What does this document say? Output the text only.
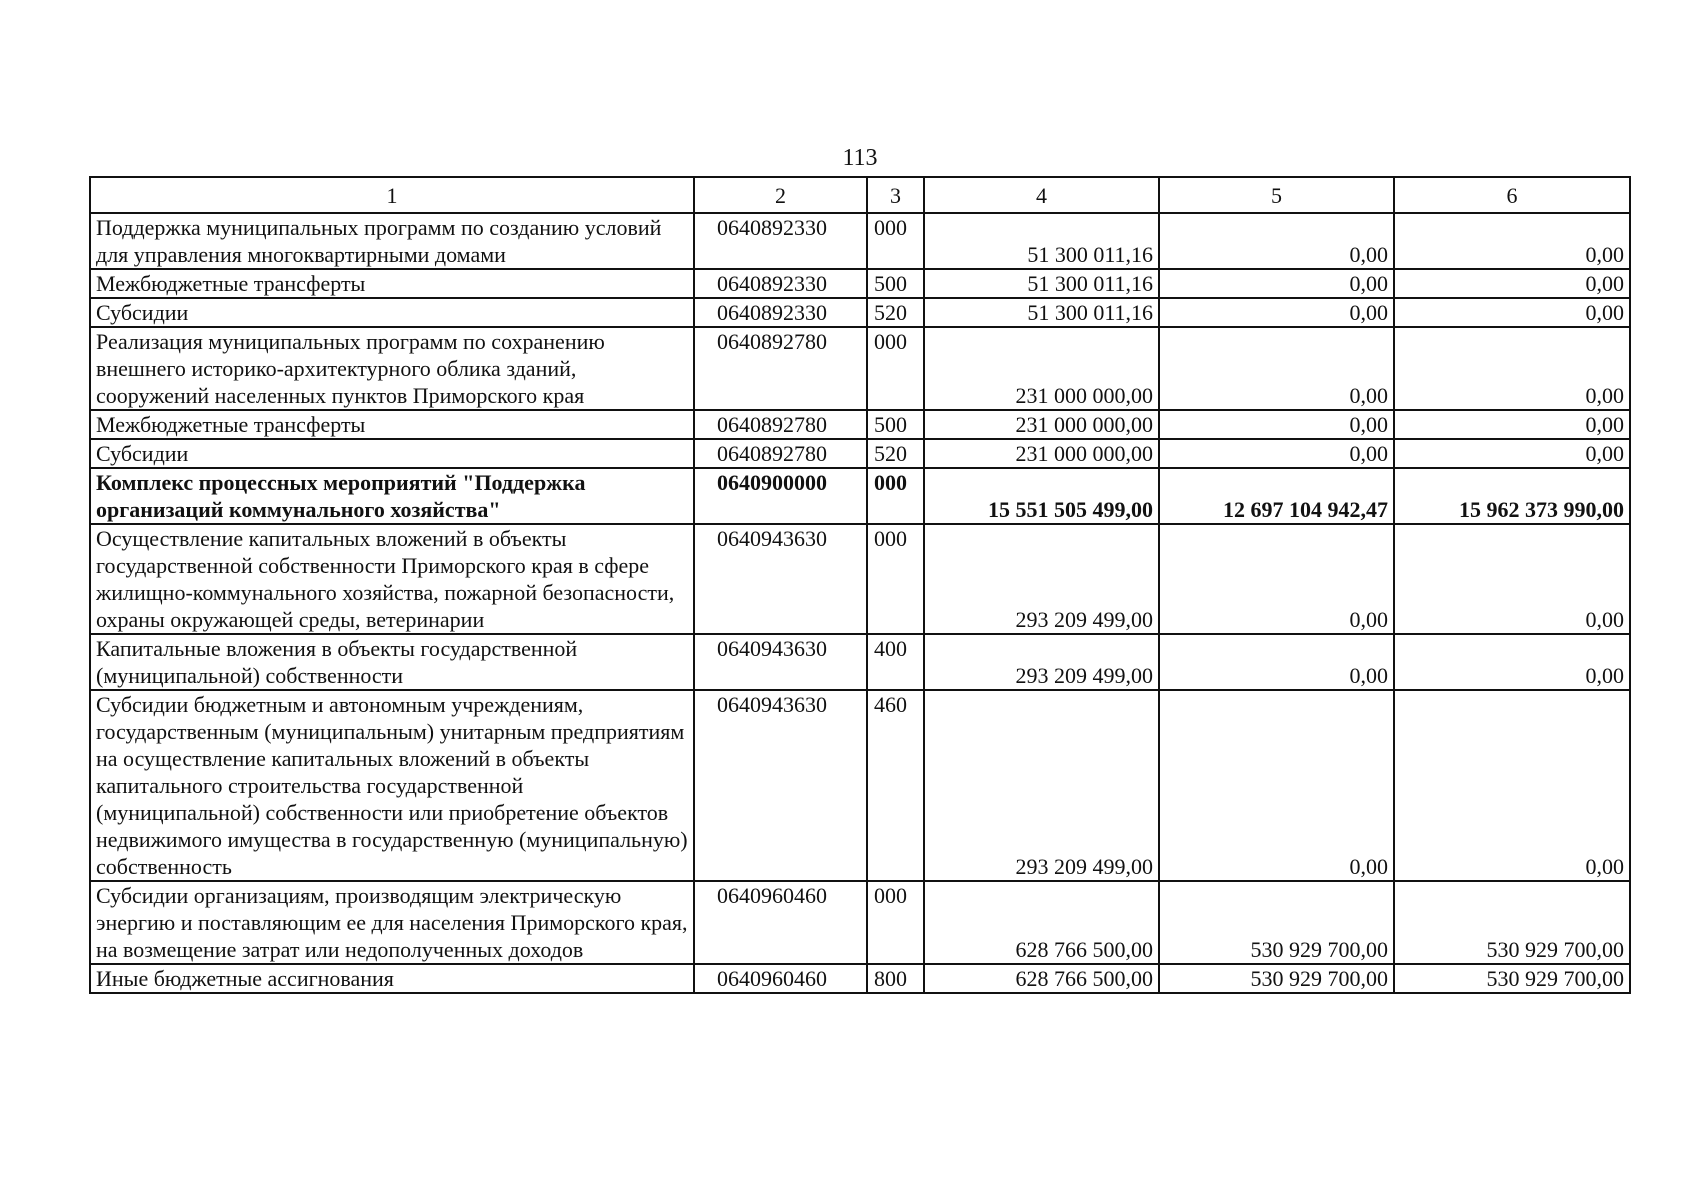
113
1	2	3	4	5	6
Поддержка муниципальных программ по созданию условий для управления многоквартирными домами	0640892330	000	51 300 011,16	0,00	0,00
Межбюджетные трансферты	0640892330	500	51 300 011,16	0,00	0,00
Субсидии	0640892330	520	51 300 011,16	0,00	0,00
Реализация муниципальных программ по сохранению внешнего историко-архитектурного облика зданий, сооружений населенных пунктов Приморского края	0640892780	000	231 000 000,00	0,00	0,00
Межбюджетные трансферты	0640892780	500	231 000 000,00	0,00	0,00
Субсидии	0640892780	520	231 000 000,00	0,00	0,00
Комплекс процессных мероприятий "Поддержка организаций коммунального хозяйства"	0640900000	000	15 551 505 499,00	12 697 104 942,47	15 962 373 990,00
Осуществление капитальных вложений в объекты государственной собственности Приморского края в сфере жилищно-коммунального хозяйства, пожарной безопасности, охраны окружающей среды, ветеринарии	0640943630	000	293 209 499,00	0,00	0,00
Капитальные вложения в объекты государственной (муниципальной) собственности	0640943630	400	293 209 499,00	0,00	0,00
Субсидии бюджетным и автономным учреждениям, государственным (муниципальным) унитарным предприятиям на осуществление капитальных вложений в объекты капитального строительства государственной (муниципальной) собственности или приобретение объектов недвижимого имущества в государственную (муниципальную) собственность	0640943630	460	293 209 499,00	0,00	0,00
Субсидии организациям, производящим электрическую энергию и поставляющим ее для населения Приморского края, на возмещение затрат или недополученных доходов	0640960460	000	628 766 500,00	530 929 700,00	530 929 700,00
Иные бюджетные ассигнования	0640960460	800	628 766 500,00	530 929 700,00	530 929 700,00
